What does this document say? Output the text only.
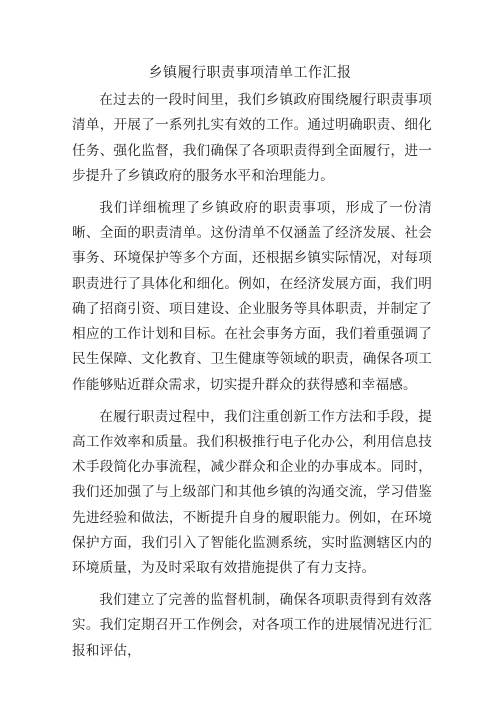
乡镇履行职责事项清单工作汇报

在过去的一段时间里，我们乡镇政府围绕履行职责事项清单，开展了一系列扎实有效的工作。通过明确职责、细化任务、强化监督，我们确保了各项职责得到全面履行，进一步提升了乡镇政府的服务水平和治理能力。

我们详细梳理了乡镇政府的职责事项，形成了一份清晰、全面的职责清单。这份清单不仅涵盖了经济发展、社会事务、环境保护等多个方面，还根据乡镇实际情况，对每项职责进行了具体化和细化。例如，在经济发展方面，我们明确了招商引资、项目建设、企业服务等具体职责，并制定了相应的工作计划和目标。在社会事务方面，我们着重强调了民生保障、文化教育、卫生健康等领域的职责，确保各项工作能够贴近群众需求，切实提升群众的获得感和幸福感。

在履行职责过程中，我们注重创新工作方法和手段，提高工作效率和质量。我们积极推行电子化办公，利用信息技术手段简化办事流程，减少群众和企业的办事成本。同时，我们还加强了与上级部门和其他乡镇的沟通交流，学习借鉴先进经验和做法，不断提升自身的履职能力。例如，在环境保护方面，我们引入了智能化监测系统，实时监测辖区内的环境质量，为及时采取有效措施提供了有力支持。

我们建立了完善的监督机制，确保各项职责得到有效落实。我们定期召开工作例会，对各项工作的进展情况进行汇报和评估，
